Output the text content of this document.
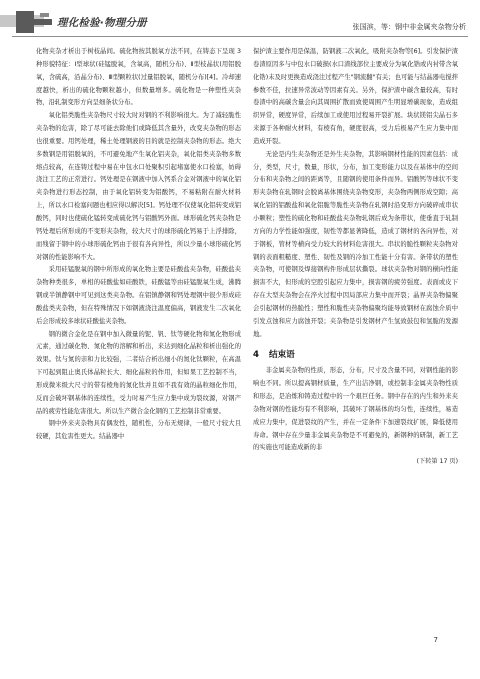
理化检验·物理分册	张国滨，等：钢中非金属夹杂物分析

化物夹杂才析出于树枝晶间。硫化物按其脱氧方法不同，在铸态下呈现 3 种形貌特征：Ⅰ型球状(硅锰脱氧，含氧高，随机分布)、Ⅱ型枝晶状(用铝脱氧，含硫高，沿晶分布)、Ⅲ型颗粒状(过量铝脱氧，随机分布)[4]。冷却速度越快，析出的硫化物颗粒越小，但数量增多。硫化物是一种塑性夹杂物，沿轧制变形方向呈细条状分布。

氧化铝类脆性夹杂物尺寸较大时对钢的不利影响很大。为了减轻脆性夹杂物的危害，除了尽可能去除他们或降低其含量外，改变夹杂物的形态也很重要。用钙处理，稀土处理钢液的目的就是控制夹杂物的形态。绝大多数钢是用铝脱氧的，不可避免地产生氧化铝夹杂，氧化铝类夹杂物多数熔点较高，在连铸过程中易在中包水口处聚积引起堵塞使水口检塞，妨碍浇注工艺的正常进行。钙处理是在钢液中加入钙系合金对钢液中的氧化铝夹杂物进行形态控制，由于氧化铝转变为铝酸钙，不易粘附在耐火材料上，所以水口检塞问题也相应得以解决[5]。钙处理不仅使氧化铝转变成铝酸钙，同时也使硫化锰转变成硫化钙与铝酸钙外面。球形硫化钙夹杂物是钙处理后所形成的不变形夹杂物，较大尺寸的球形硫化钙易于上浮排除，而残留于钢中的小球形硫化钙由于很有各向异性，所以少量小球形硫化钙对钢的性能影响不大。

采用硅锰脱氧的钢中所形成的氧化物主要是硅酸盐夹杂物，硅酸盐夹杂物种类很多，单相的硅酸盐如硅酸铁，硅酸锰等由硅锰脱氧生成，沸腾钢或半镇静钢中可见到这类夹杂物。在铝镇静钢和钙处理钢中很少形成硅酸盐类夹杂物，但在特殊情况下如钢液浇注温度偏高，钢液发生二次氧化后会形成较多球状硅酸盐夹杂物。

钢的微合金化是在钢中加入微量的铌、钒、钛等硬化物和氮化物形成元素，通过碳化物、氮化物的溶解和析出，来达到细化晶粒和析出强化的效果。钛与氮的亲和力比较强，二者结合析出细小的氮化钛颗粒，在高温下可起到阻止奥氏体晶粒长大、细化晶粒的作用，但如果工艺控制不当，形成微米级大尺寸的带有棱角的氮化钛并且如不我有效的晶粒细化作用，反而会破坏钢基体的连续性，受力时易产生应力集中成为裂纹源，对钢产品的疲劳性能危害很大。所以生产微合金化钢的工艺控制非常重要。

钢中外来夹杂物具有偶发性，随机性，分布无规律，一般尺寸较大且较硬，其危害性更大。结晶器中

保护渣主要作用是保温，防钢液二次氧化，吸附夹杂物等[6]。引发保护渣卷渣原因多与中包水口破损(水口渣线部位主要成分为氧化锆或内衬带含氧化锆)未及时更换造成浇注过程产生"钢流翻"有关；也可能与结晶器电搅拌参数不佳，拉速异常波动等因素有关。另外，保护渣中碳含量较高，有时卷渣中的高碳含量会向其周围扩散而致使周围产生明显增碳现象，造成组织异常，硬度异常，后续加工或使用过程易开裂扩展。块状镁铝尖晶石多来源于各种耐火材料，有棱有角，硬度很高，受力后极易产生应力集中而造成开裂。

无论是内生夹杂物还是外生夹杂物，其影响钢材性能的因素包括：成分，类型，尺寸，数量，形状，分布，加工变形能力以及在基体中的空间分布和夹杂物之间的距离等，且随钢的使用条件而异。铝酸钙等球状不变形夹杂物在轧钢时会脱离基体围绕夹杂物变形，夹杂物两侧形成空隙；高氧化铝的铝酸盐和氧化铝脆等脆性夹杂物在轧钢时沿变形方向破碎成串状小颗粒；塑性的硫化物和硅酸盐夹杂物轧钢后成为条带状，使垂直于轧制方向的力学性能如强度，韧性等都显著降低，造成了钢材的各向异性，对于钢板，管材等横向受力较大的材料危害很大。串状的脆性颗粒夹杂物对钢的表面粗糙度、塑性、韧性及钢的冷加工性能十分有害。条带状的塑性夹杂物，可使钢及焊接钢构件形成层状撕裂。球状夹杂物对钢的横向性能损害不大，但形成的空腔引起应力集中，损害钢的疲劳强度。表面或皮下存在大型夹杂物会在淬火过程中因局部应力集中而开裂；晶界夹杂物偏聚会引起钢材的热脆性；塑性和脆性夹杂物偏聚均能导致钢材在腐蚀介质中引发点蚀和应力腐蚀开裂；夹杂物是引发钢材产生氢致鼓包和氢脆的发源地。

4 结束语

非金属夹杂物的性质，形态，分布，尺寸及含量不同，对钢性能的影响也不同。所以提高钢材质量，生产出洁净钢，或控制非金属夹杂物性质和形态，是冶炼和铸造过程中的一个艰巨任务。钢中存在的内生和外来夹杂物对钢的性能均有不利影响，其破坏了钢基体的均匀性，连续性，易造成应力集中，促进裂纹的产生，并在一定条件下加速裂纹扩展，降低使用寿命。钢中存在少量非金属夹杂物是不可避免的，新钢种的研制，新工艺的实施也可能造成新的非

(下转第 17 页)
7
